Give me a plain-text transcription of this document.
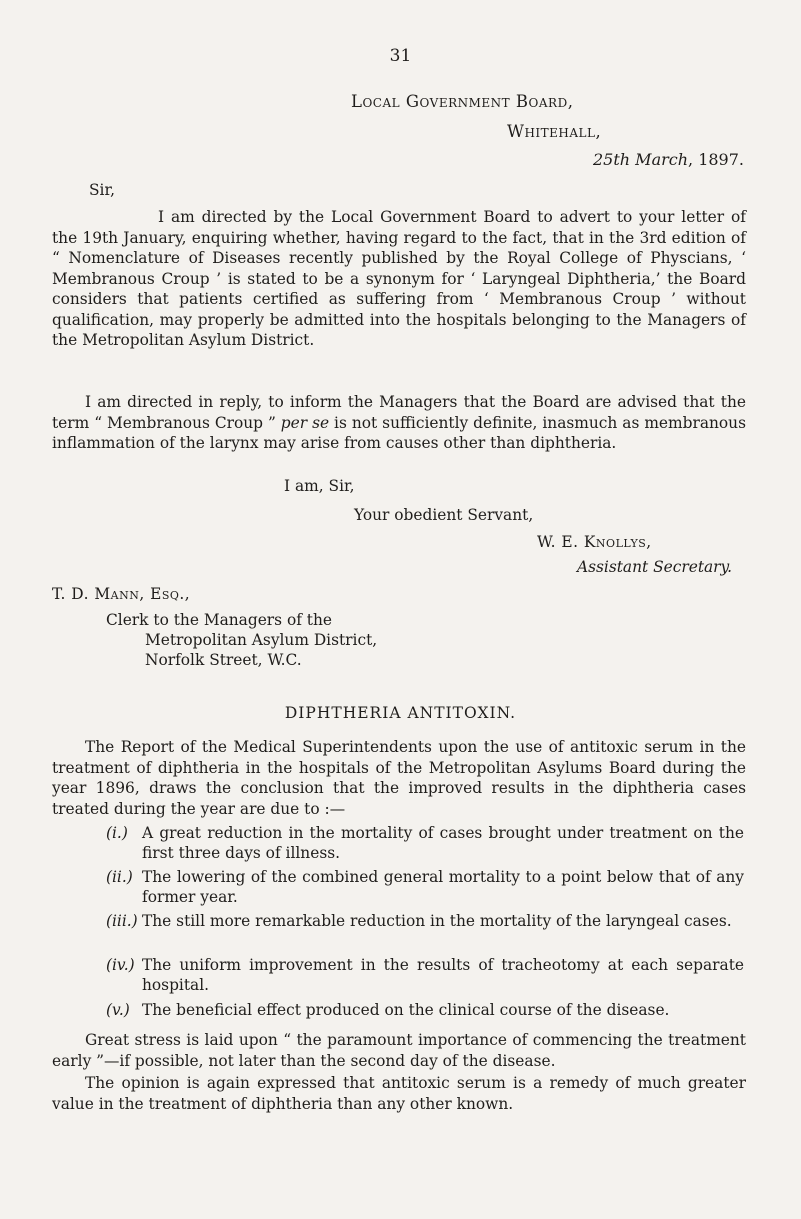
31
Local Government Board,
Whitehall,
25th March, 1897.
Sir,

I am directed by the Local Government Board to advert to your letter of the 19th January, enquiring whether, having regard to the fact, that in the 3rd edition of “ Nomenclature of Diseases recently published by the Royal College of Physcians, ‘ Membranous Croup ’ is stated to be a synonym for ‘ Laryngeal Diphtheria,’ the Board considers that patients certified as suffering from ‘ Membranous Croup ’ without qualification, may properly be admitted into the hospitals belonging to the Managers of the Metropolitan Asylum District.

I am directed in reply, to inform the Managers that the Board are advised that the term “ Membranous Croup ” per se is not sufficiently definite, inasmuch as membranous inflammation of the larynx may arise from causes other than diphtheria.

I am, Sir,
Your obedient Servant,
W. E. Knollys,
Assistant Secretary.
T. D. Mann, Esq.,
Clerk to the Managers of the
Metropolitan Asylum District,
Norfolk Street, W.C.
DIPHTHERIA ANTITOXIN.

The Report of the Medical Superintendents upon the use of antitoxic serum in the treatment of diphtheria in the hospitals of the Metropolitan Asylums Board during the year 1896, draws the conclusion that the improved results in the diphtheria cases treated during the year are due to :—

(i.) A great reduction in the mortality of cases brought under treatment on the first three days of illness.
(ii.) The lowering of the combined general mortality to a point below that of any former year.
(iii.) The still more remarkable reduction in the mortality of the laryngeal cases.
(iv.) The uniform improvement in the results of tracheotomy at each separate hospital.
(v.) The beneficial effect produced on the clinical course of the disease.

Great stress is laid upon “ the paramount importance of commencing the treatment early ”—if possible, not later than the second day of the disease.

The opinion is again expressed that antitoxic serum is a remedy of much greater value in the treatment of diphtheria than any other known.
